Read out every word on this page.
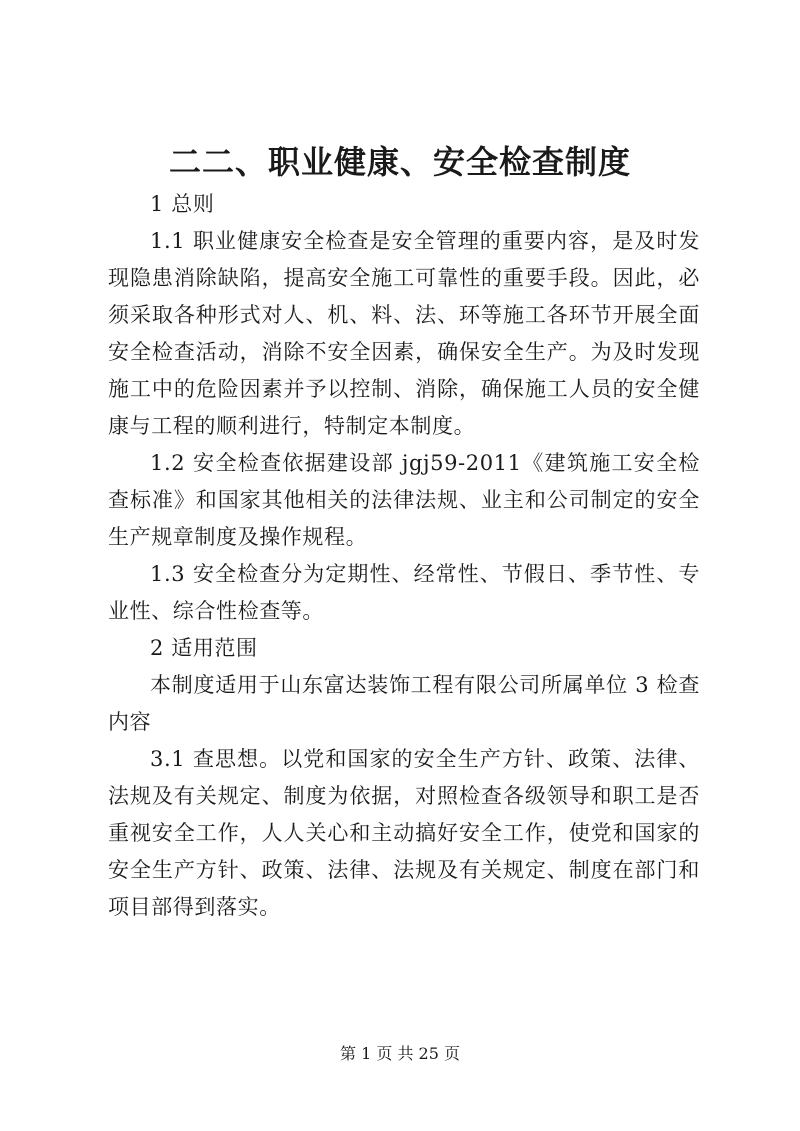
二二、职业健康、安全检查制度

1 总则

1.1 职业健康安全检查是安全管理的重要内容，是及时发现隐患消除缺陷，提高安全施工可靠性的重要手段。因此，必须采取各种形式对人、机、料、法、环等施工各环节开展全面安全检查活动，消除不安全因素，确保安全生产。为及时发现施工中的危险因素并予以控制、消除，确保施工人员的安全健康与工程的顺利进行，特制定本制度。

1.2 安全检查依据建设部 jgj59-2011《建筑施工安全检查标准》和国家其他相关的法律法规、业主和公司制定的安全生产规章制度及操作规程。

1.3 安全检查分为定期性、经常性、节假日、季节性、专业性、综合性检查等。

2 适用范围

本制度适用于山东富达装饰工程有限公司所属单位 3 检查内容

3.1 查思想。以党和国家的安全生产方针、政策、法律、法规及有关规定、制度为依据，对照检查各级领导和职工是否重视安全工作，人人关心和主动搞好安全工作，使党和国家的安全生产方针、政策、法律、法规及有关规定、制度在部门和项目部得到落实。

第 1 页 共 25 页
